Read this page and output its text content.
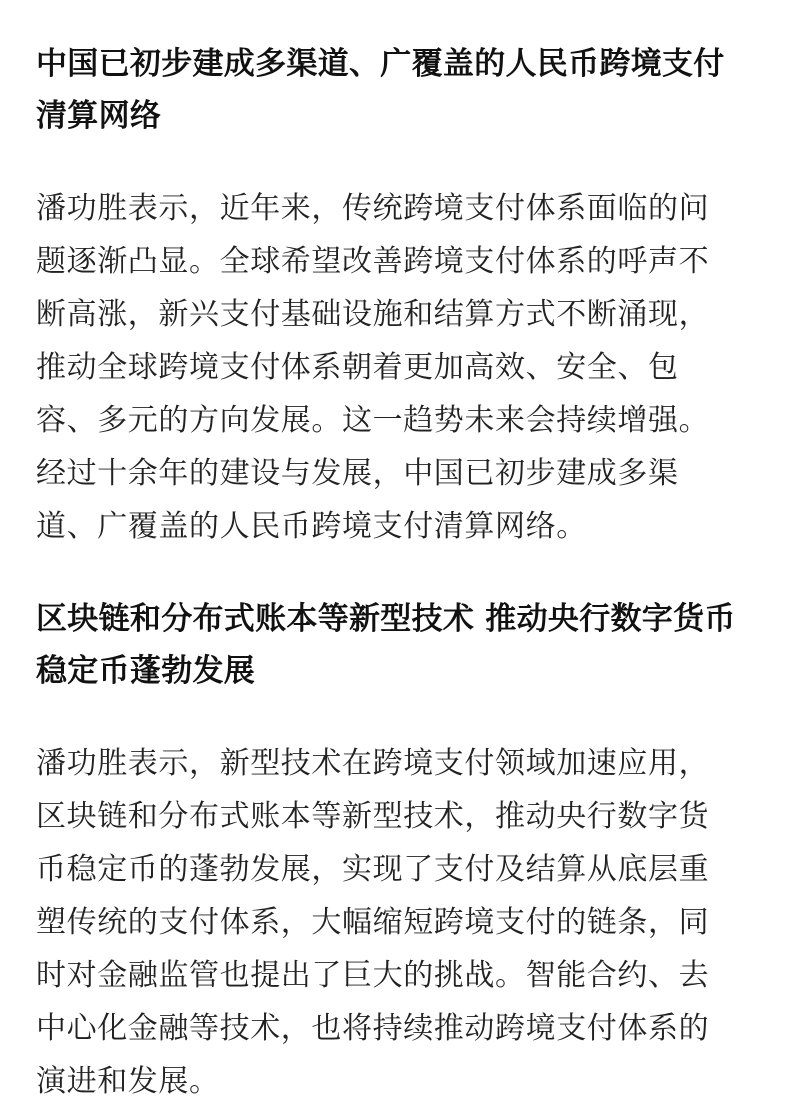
中国已初步建成多渠道、广覆盖的人民币跨境支付
清算网络
潘功胜表示，近年来，传统跨境支付体系面临的问
题逐渐凸显。全球希望改善跨境支付体系的呼声不
断高涨，新兴支付基础设施和结算方式不断涌现，
推动全球跨境支付体系朝着更加高效、安全、包
容、多元的方向发展。这一趋势未来会持续增强。
经过十余年的建设与发展，中国已初步建成多渠
道、广覆盖的人民币跨境支付清算网络。
区块链和分布式账本等新型技术 推动央行数字货币
稳定币蓬勃发展
潘功胜表示，新型技术在跨境支付领域加速应用，
区块链和分布式账本等新型技术，推动央行数字货
币稳定币的蓬勃发展，实现了支付及结算从底层重
塑传统的支付体系，大幅缩短跨境支付的链条，同
时对金融监管也提出了巨大的挑战。智能合约、去
中心化金融等技术，也将持续推动跨境支付体系的
演进和发展。
